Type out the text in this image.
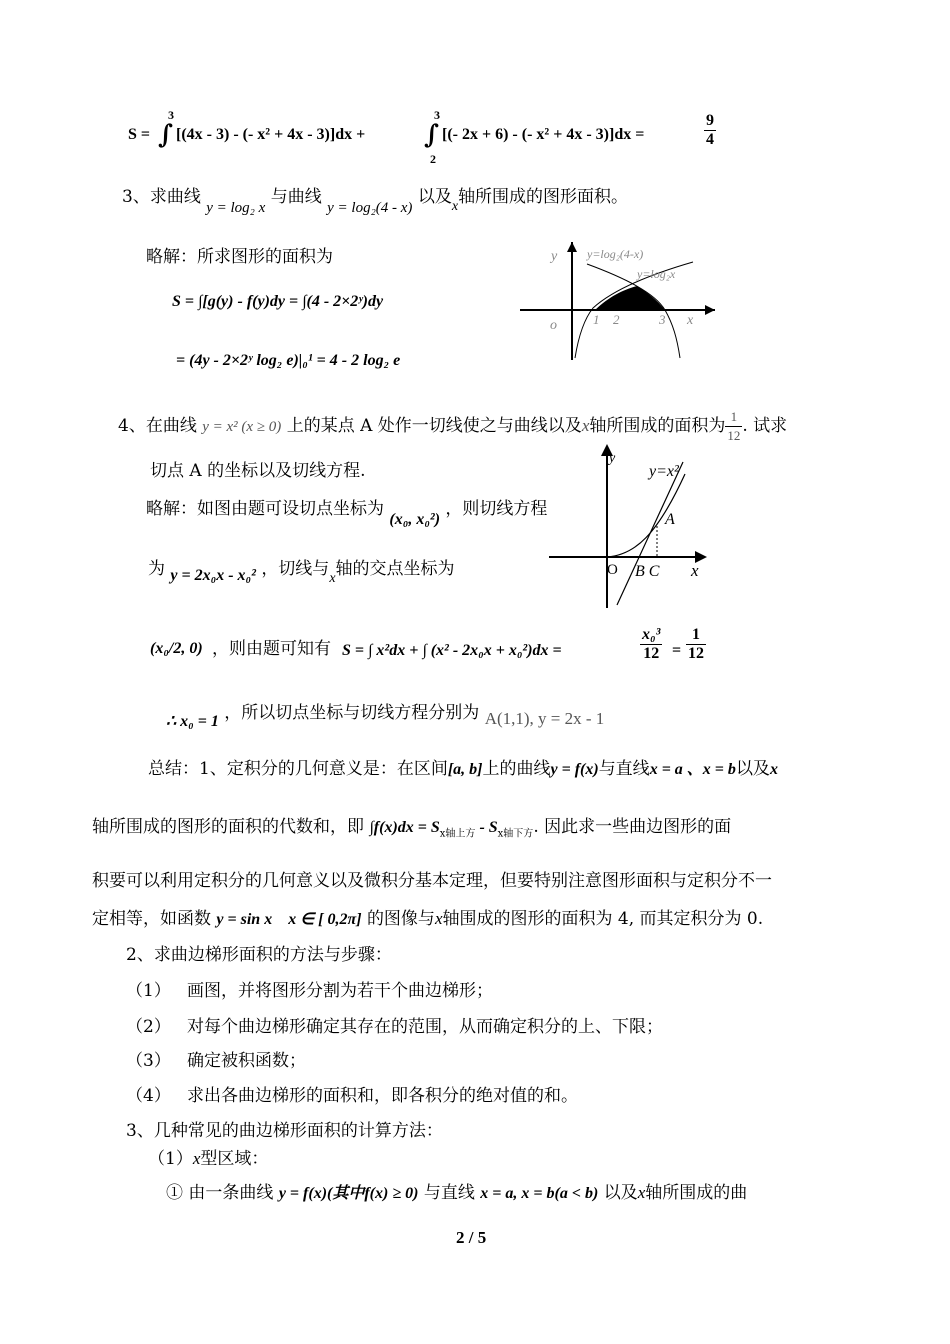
S = ∫
3
[(4x - 3) - (- x² + 4x - 3)]dx + ∫
3
2
[(- 2x + 6) - (- x² + 4x - 3)]dx =	$\frac{9}{4}$
3、求曲线 y = log₂ x 与曲线 y = log₂(4 - x) 以及$_x$轴所围成的图形面积。
略解：所求图形的面积为
S = ∫[g(y) - f(y)dy = ∫(4 - 2×2ʸ)dy
= (4y - 2×2ʸ log₂ e)|₀¹ = 4 - 2 log₂ e
y
o	x
y=log₂(4-x)
y=log₂x
1 2	3
4、在曲线 y = x² (x ≥ 0) 上的某点 A 处作一切线使之与曲线以及x轴所围成的面积为 $\frac{1}{12}$ . 试求
切点 A 的坐标以及切线方程.
略解：如图由题可设切点坐标为 (x₀, x₀²) ，则切线方程
为 y = 2x₀x - x₀² ，切线与$_x$轴的交点坐标为
y
y=x²
A
O B C x
(x₀/2, 0) ，则由题可知有 S = ∫ x²dx + ∫ (x² - 2x₀x + x₀²)dx =	$\frac{\text{x₀³}}{12} = \frac{1}{12}$
∴ x₀ = 1 ，所以切点坐标与切线方程分别为 A(1,1), y = 2x - 1
总结：1、定积分的几何意义是：在区间[a, b]上的曲线y = f(x)与直线x = a 、x = b以及x
轴所围成的图形的面积的代数和，即 $\int f(x)dx = S_{x轴上方} - S_{x轴下方}$. 因此求一些曲边图形的面
积要可以利用定积分的几何意义以及微积分基本定理，但要特别注意图形面积与定积分不一
定相等，如函数 y = sin x    x ∈ [ 0,2π] 的图像与x轴围成的图形的面积为 4, 而其定积分为 0.
2、求曲边梯形面积的方法与步骤：
（1）   画图，并将图形分割为若干个曲边梯形；
（2）   对每个曲边梯形确定其存在的范围，从而确定积分的上、下限；
（3）   确定被积函数；
（4）   求出各曲边梯形的面积和，即各积分的绝对值的和。
3、几种常见的曲边梯形面积的计算方法：
（1）x型区域：
① 由一条曲线 y = f(x)(其中f(x) ≥ 0) 与直线 x = a, x = b(a < b) 以及x轴所围成的曲
2 / 5
